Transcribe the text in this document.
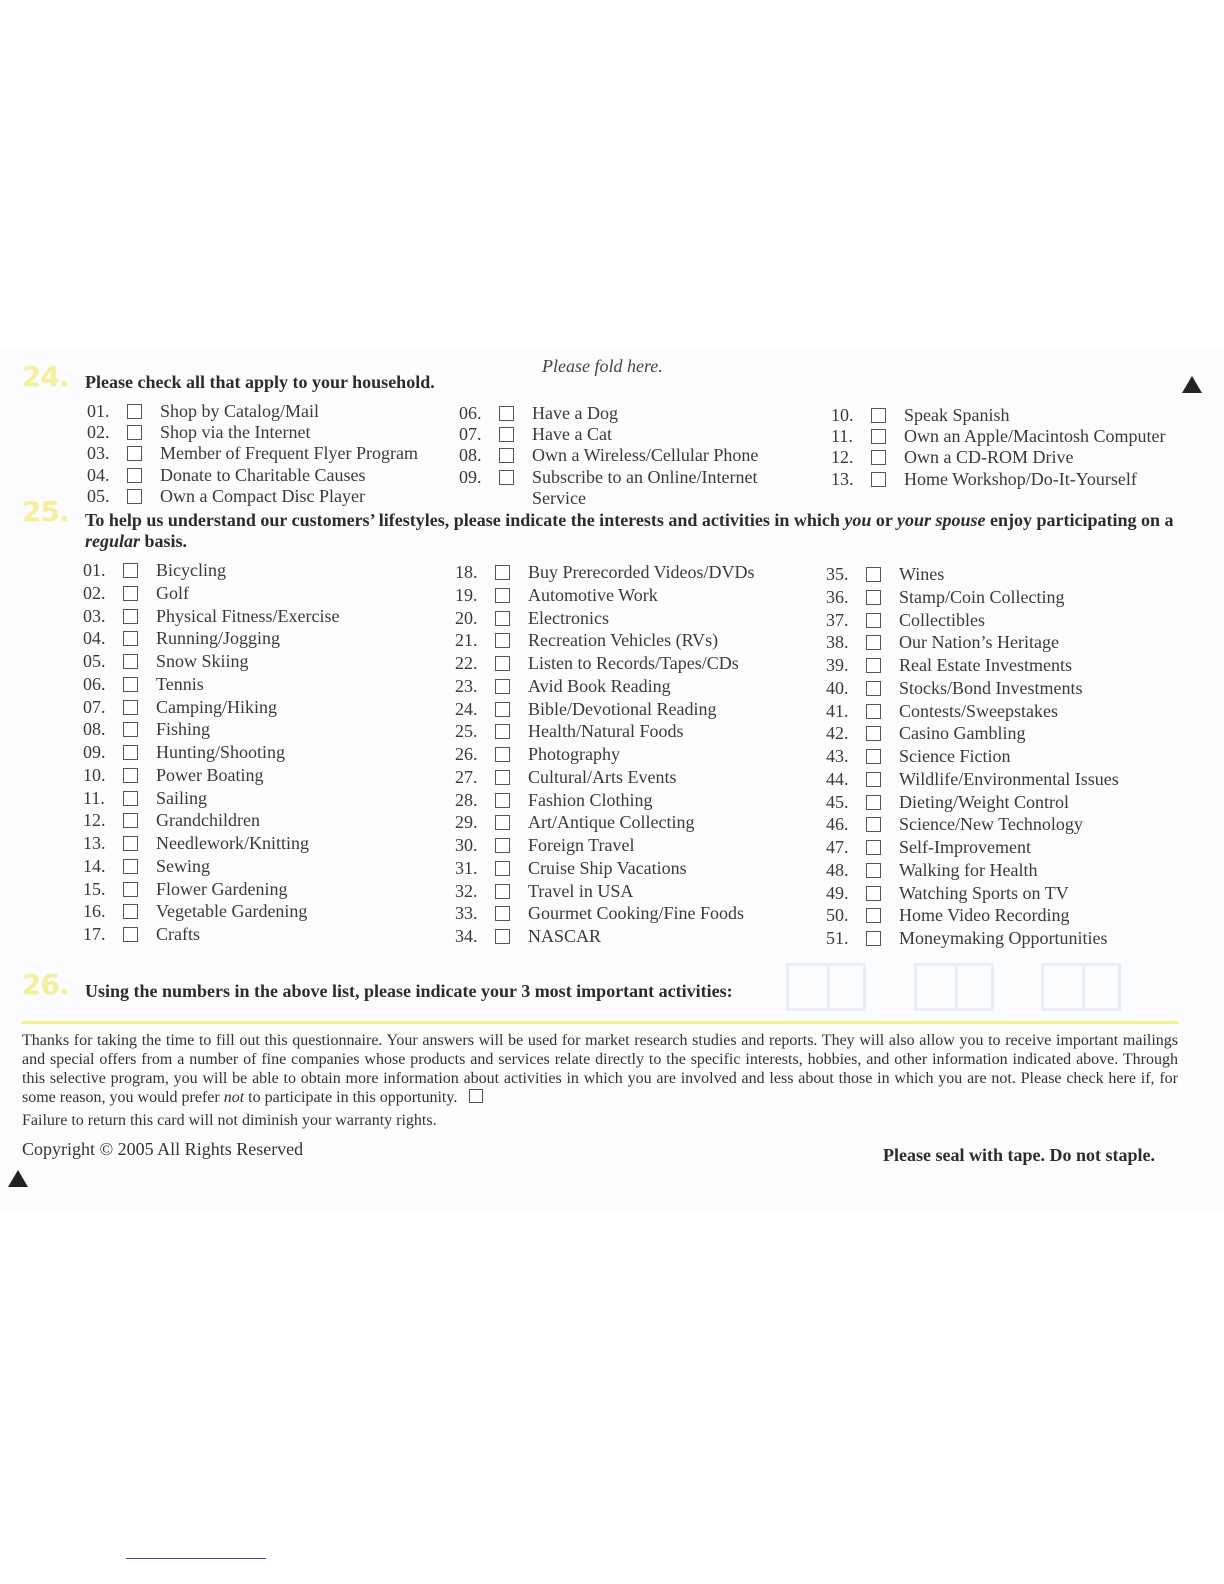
Please fold here.
24. Please check all that apply to your household.
01.	Shop by Catalog/Mail
02.	Shop via the Internet
03.	Member of Frequent Flyer Program
04.	Donate to Charitable Causes
05.	Own a Compact Disc Player
06.	Have a Dog
07.	Have a Cat
08.	Own a Wireless/Cellular Phone
09.	Subscribe to an Online/Internet Service
10.	Speak Spanish
11.	Own an Apple/Macintosh Computer
12.	Own a CD-ROM Drive
13.	Home Workshop/Do-It-Yourself
25. To help us understand our customers’ lifestyles, please indicate the interests and activities in which you or your spouse enjoy participating on a regular basis.
01.	Bicycling
02.	Golf
03.	Physical Fitness/Exercise
04.	Running/Jogging
05.	Snow Skiing
06.	Tennis
07.	Camping/Hiking
08.	Fishing
09.	Hunting/Shooting
10.	Power Boating
11.	Sailing
12.	Grandchildren
13.	Needlework/Knitting
14.	Sewing
15.	Flower Gardening
16.	Vegetable Gardening
17.	Crafts
18.	Buy Prerecorded Videos/DVDs
19.	Automotive Work
20.	Electronics
21.	Recreation Vehicles (RVs)
22.	Listen to Records/Tapes/CDs
23.	Avid Book Reading
24.	Bible/Devotional Reading
25.	Health/Natural Foods
26.	Photography
27.	Cultural/Arts Events
28.	Fashion Clothing
29.	Art/Antique Collecting
30.	Foreign Travel
31.	Cruise Ship Vacations
32.	Travel in USA
33.	Gourmet Cooking/Fine Foods
34.	NASCAR
35.	Wines
36.	Stamp/Coin Collecting
37.	Collectibles
38.	Our Nation’s Heritage
39.	Real Estate Investments
40.	Stocks/Bond Investments
41.	Contests/Sweepstakes
42.	Casino Gambling
43.	Science Fiction
44.	Wildlife/Environmental Issues
45.	Dieting/Weight Control
46.	Science/New Technology
47.	Self-Improvement
48.	Walking for Health
49.	Watching Sports on TV
50.	Home Video Recording
51.	Moneymaking Opportunities
26. Using the numbers in the above list, please indicate your 3 most important activities:
Thanks for taking the time to fill out this questionnaire. Your answers will be used for market research studies and reports. They will also allow you to receive important mailings and special offers from a number of fine companies whose products and services relate directly to the specific interests, hobbies, and other information indicated above. Through this selective program, you will be able to obtain more information about activities in which you are involved and less about those in which you are not. Please check here if, for some reason, you would prefer not to participate in this opportunity.
Failure to return this card will not diminish your warranty rights.
Copyright © 2005 All Rights Reserved	Please seal with tape. Do not staple.
